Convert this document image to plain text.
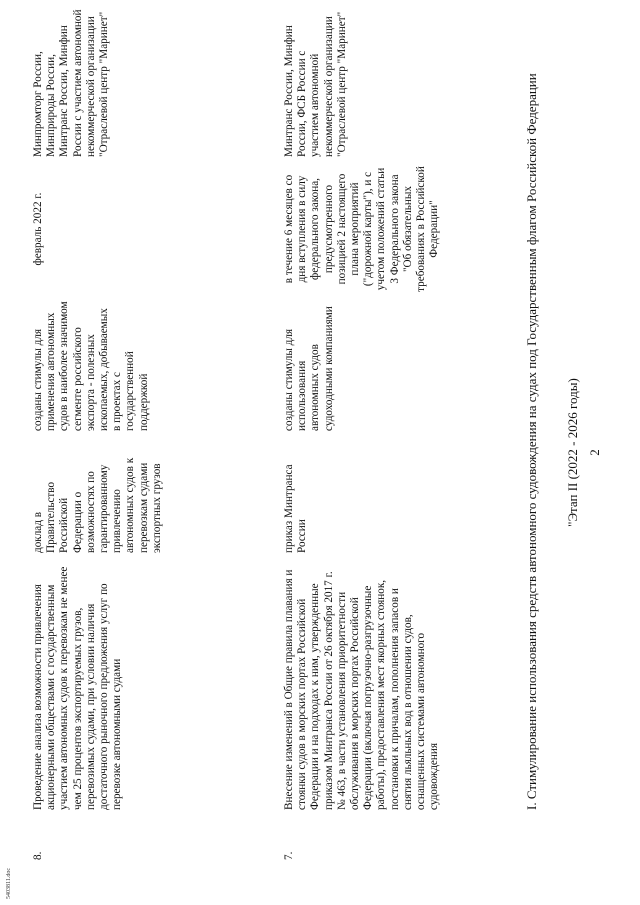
2
"Этап II (2022 - 2026 годы)
I. Стимулирование использования средств автономного судовождения на судах под Государственным флагом Российской Федерации
7.
Внесение изменений в Общие правила плавания и стоянки судов в морских портах Российской Федерации и на подходах к ним, утвержденные приказом Минтранса России от 26 октября 2017 г. № 463, в части установления приоритетности обслуживания в морских портах Российской Федерации (включая погрузочно-разгрузочные работы), предоставления мест якорных стоянок, постановки к причалам, пополнения запасов и снятия льяльных вод в отношении судов, оснащенных системами автономного судовождения
приказ Минтранса России
созданы стимулы для использования автономных судов судоходными компаниями
в течение 6 месяцев со дня вступления в силу федерального закона, предусмотренного позицией 2 настоящего плана мероприятий ("дорожной карты"), и с учетом положений статьи 3 Федерального закона "Об обязательных требованиях в Российской Федерации"
Минтранс России, Минфин России, ФСБ России с участием автономной некоммерческой организации "Отраслевой центр "Маринет"
8.
Проведение анализа возможности привлечения акционерными обществами с государственным участием автономных судов к перевозкам не менее чем 25 процентов экспортируемых грузов, перевозимых судами, при условии наличия достаточного рыночного предложения услуг по перевозке автономными судами
доклад в Правительство Российской Федерации о возможностях по гарантированному привлечению автономных судов к перевозкам судами экспортных грузов
созданы стимулы для применения автономных судов в наиболее значимом сегменте российского экспорта - полезных ископаемых, добываемых в проектах с государственной поддержкой
февраль 2022 г.
Минпромторг России, Минприроды России, Минтранс России, Минфин России с участием автономной некоммерческой организации "Отраслевой центр "Маринет"
5403811.doc
